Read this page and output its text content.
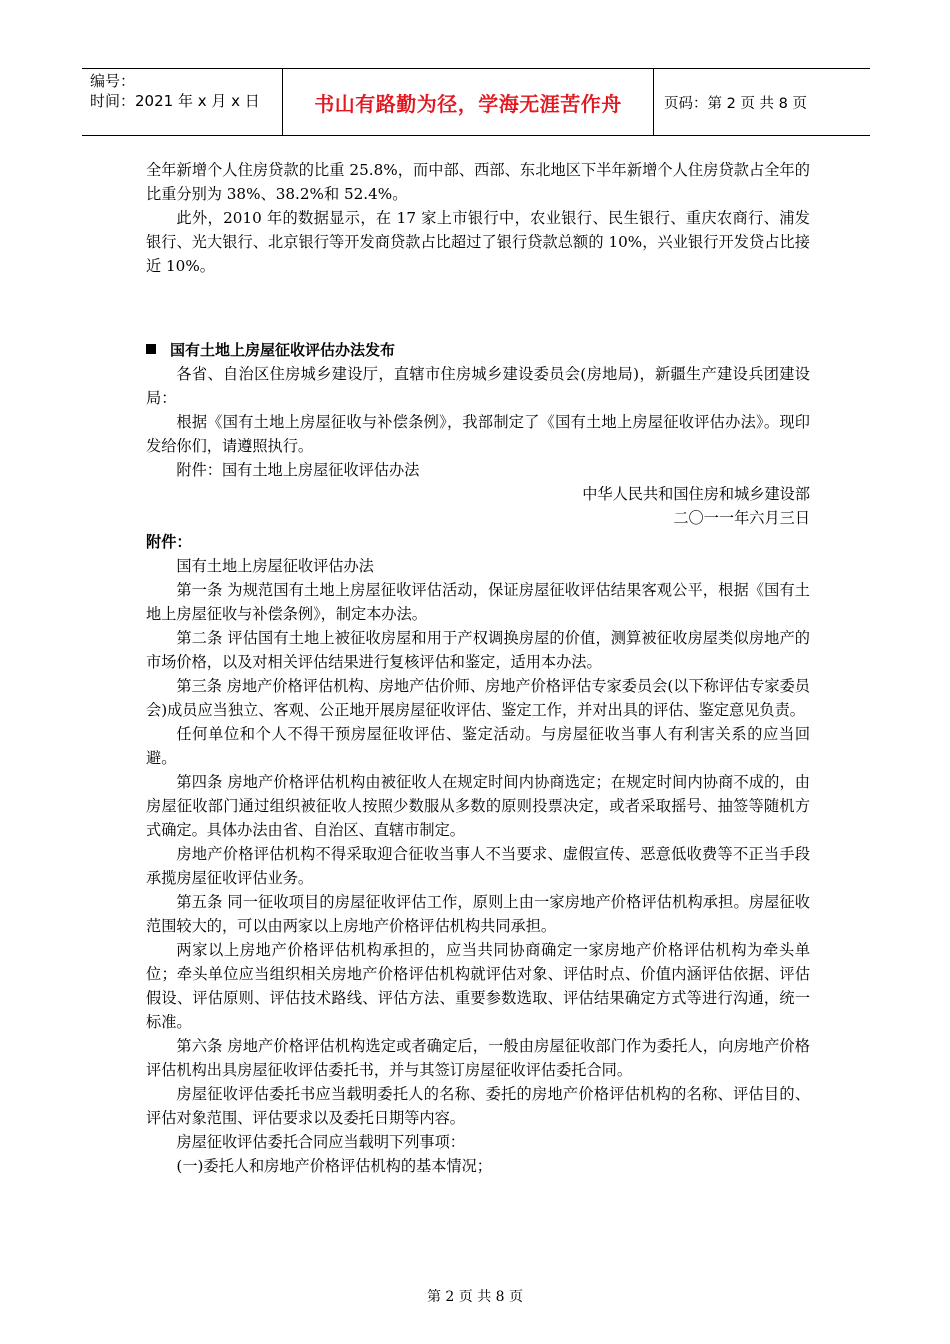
编号：
时间：2021 年 x 月 x 日	书山有路勤为径，学海无涯苦作舟	页码：第 2 页 共 8 页

全年新增个人住房贷款的比重 25.8%，而中部、西部、东北地区下半年新增个人住房贷款占全年的比重分别为 38%、38.2%和 52.4%。

此外，2010 年的数据显示，在 17 家上市银行中，农业银行、民生银行、重庆农商行、浦发银行、光大银行、北京银行等开发商贷款占比超过了银行贷款总额的 10%，兴业银行开发贷占比接近 10%。

国有土地上房屋征收评估办法发布

各省、自治区住房城乡建设厅，直辖市住房城乡建设委员会(房地局)，新疆生产建设兵团建设局：

根据《国有土地上房屋征收与补偿条例》，我部制定了《国有土地上房屋征收评估办法》。现印发给你们，请遵照执行。

附件：国有土地上房屋征收评估办法

中华人民共和国住房和城乡建设部

二〇一一年六月三日

附件：

国有土地上房屋征收评估办法

第一条 为规范国有土地上房屋征收评估活动，保证房屋征收评估结果客观公平，根据《国有土地上房屋征收与补偿条例》，制定本办法。

第二条 评估国有土地上被征收房屋和用于产权调换房屋的价值，测算被征收房屋类似房地产的市场价格，以及对相关评估结果进行复核评估和鉴定，适用本办法。

第三条 房地产价格评估机构、房地产估价师、房地产价格评估专家委员会(以下称评估专家委员会)成员应当独立、客观、公正地开展房屋征收评估、鉴定工作，并对出具的评估、鉴定意见负责。

任何单位和个人不得干预房屋征收评估、鉴定活动。与房屋征收当事人有利害关系的应当回避。

第四条 房地产价格评估机构由被征收人在规定时间内协商选定；在规定时间内协商不成的，由房屋征收部门通过组织被征收人按照少数服从多数的原则投票决定，或者采取摇号、抽签等随机方式确定。具体办法由省、自治区、直辖市制定。

房地产价格评估机构不得采取迎合征收当事人不当要求、虚假宣传、恶意低收费等不正当手段承揽房屋征收评估业务。

第五条 同一征收项目的房屋征收评估工作，原则上由一家房地产价格评估机构承担。房屋征收范围较大的，可以由两家以上房地产价格评估机构共同承担。

两家以上房地产价格评估机构承担的，应当共同协商确定一家房地产价格评估机构为牵头单位；牵头单位应当组织相关房地产价格评估机构就评估对象、评估时点、价值内涵评估依据、评估假设、评估原则、评估技术路线、评估方法、重要参数选取、评估结果确定方式等进行沟通，统一标准。

第六条 房地产价格评估机构选定或者确定后，一般由房屋征收部门作为委托人，向房地产价格评估机构出具房屋征收评估委托书，并与其签订房屋征收评估委托合同。

房屋征收评估委托书应当载明委托人的名称、委托的房地产价格评估机构的名称、评估目的、评估对象范围、评估要求以及委托日期等内容。

房屋征收评估委托合同应当载明下列事项：

(一)委托人和房地产价格评估机构的基本情况；

第 2 页 共 8 页
